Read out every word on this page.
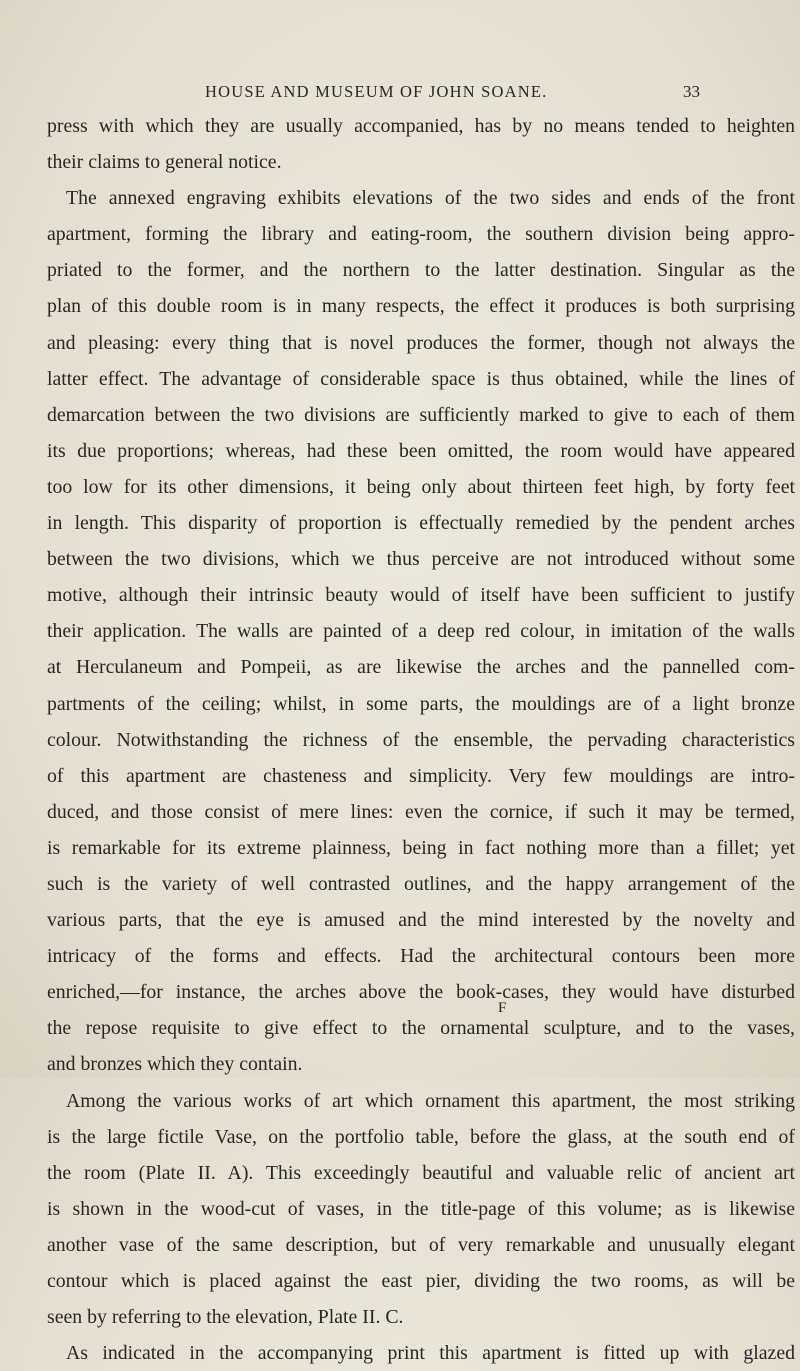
HOUSE AND MUSEUM OF JOHN SOANE.	33
press with which they are usually accompanied, has by no means tended to heighten
their claims to general notice.
The annexed engraving exhibits elevations of the two sides and ends of the front
apartment, forming the library and eating-room, the southern division being appro-
priated to the former, and the northern to the latter destination. Singular as the
plan of this double room is in many respects, the effect it produces is both surprising
and pleasing: every thing that is novel produces the former, though not always the
latter effect. The advantage of considerable space is thus obtained, while the lines of
demarcation between the two divisions are sufficiently marked to give to each of them
its due proportions; whereas, had these been omitted, the room would have appeared
too low for its other dimensions, it being only about thirteen feet high, by forty feet
in length. This disparity of proportion is effectually remedied by the pendent arches
between the two divisions, which we thus perceive are not introduced without some
motive, although their intrinsic beauty would of itself have been sufficient to justify
their application. The walls are painted of a deep red colour, in imitation of the walls
at Herculaneum and Pompeii, as are likewise the arches and the pannelled com-
partments of the ceiling; whilst, in some parts, the mouldings are of a light bronze
colour. Notwithstanding the richness of the ensemble, the pervading characteristics
of this apartment are chasteness and simplicity. Very few mouldings are intro-
duced, and those consist of mere lines: even the cornice, if such it may be termed,
is remarkable for its extreme plainness, being in fact nothing more than a fillet; yet
such is the variety of well contrasted outlines, and the happy arrangement of the
various parts, that the eye is amused and the mind interested by the novelty and
intricacy of the forms and effects. Had the architectural contours been more
enriched,—for instance, the arches above the book-cases, they would have disturbed
the repose requisite to give effect to the ornamental sculpture, and to the vases,
and bronzes which they contain.
Among the various works of art which ornament this apartment, the most striking
is the large fictile Vase, on the portfolio table, before the glass, at the south end of
the room (Plate II. A). This exceedingly beautiful and valuable relic of ancient art
is shown in the wood-cut of vases, in the title-page of this volume; as is likewise
another vase of the same description, but of very remarkable and unusually elegant
contour which is placed against the east pier, dividing the two rooms, as will be
seen by referring to the elevation, Plate II. C.
As indicated in the accompanying print this apartment is fitted up with glazed
F
